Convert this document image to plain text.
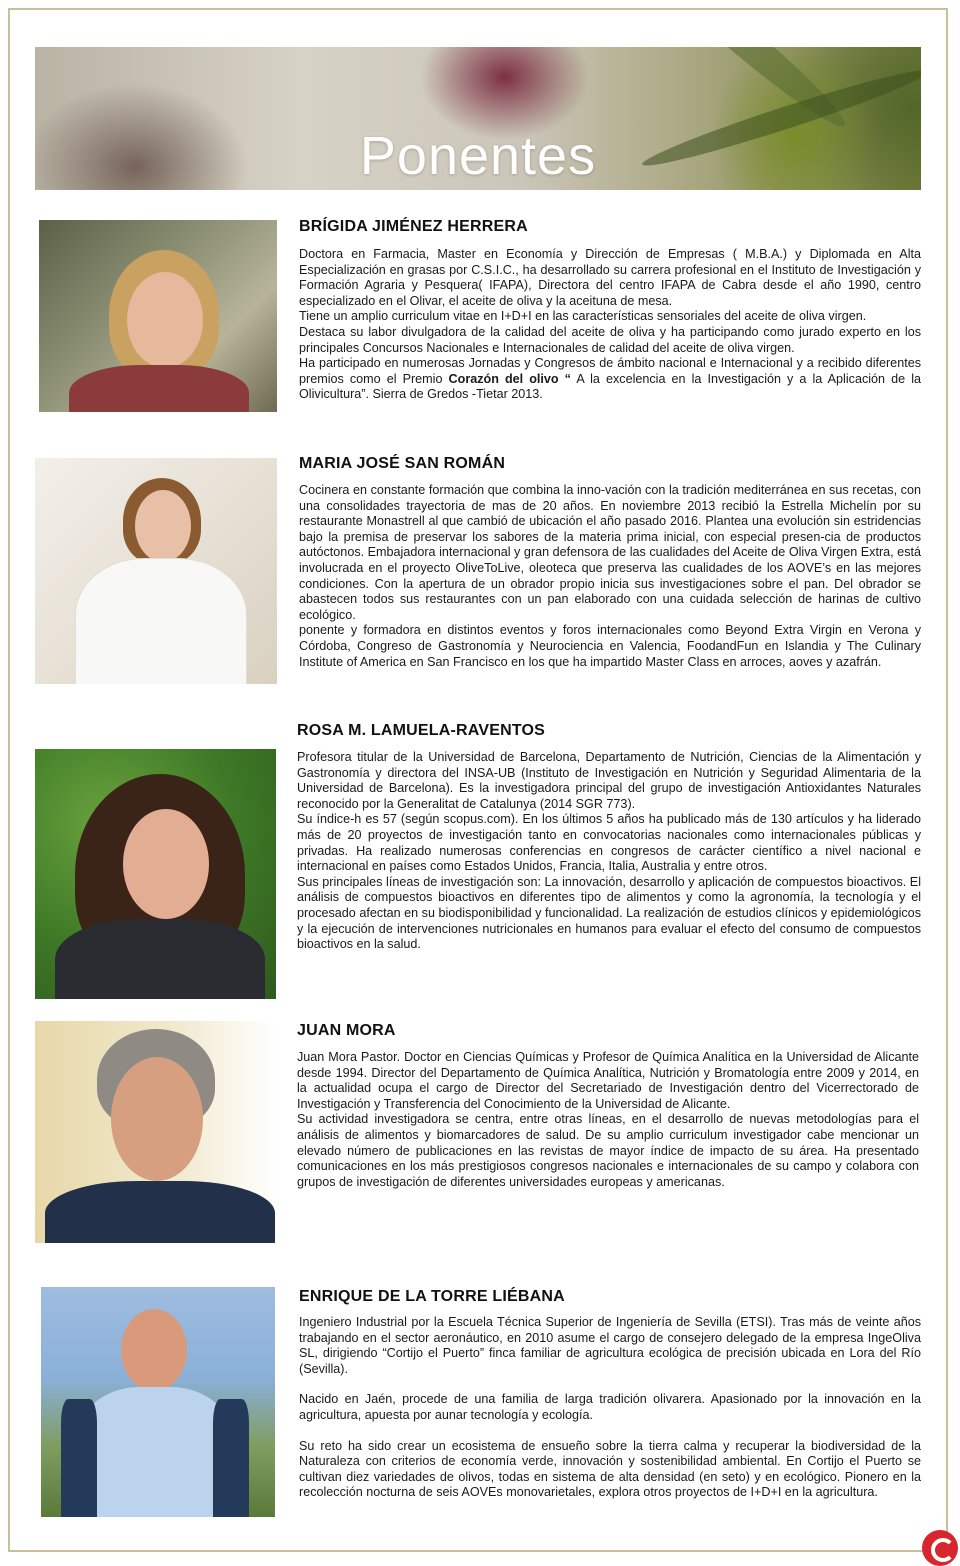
Ponentes
BRÍGIDA JIMÉNEZ HERRERA

Doctora en Farmacia, Master en Economía y Dirección de Empresas ( M.B.A.) y Diplomada en Alta Especialización en grasas por C.S.I.C., ha desarrollado su carrera profesional en el Instituto de Investigación y Formación Agraria y Pesquera( IFAPA), Directora del centro IFAPA de Cabra desde el año 1990, centro especializado en el Olivar, el aceite de oliva y la aceituna de mesa.

Tiene un amplio curriculum vitae en I+D+I en las características sensoriales del aceite de oliva virgen.

Destaca su labor divulgadora de la calidad del aceite de oliva y ha participando como jurado experto en los principales Concursos Nacionales e Internacionales de calidad del aceite de oliva virgen.

Ha participado en numerosas Jornadas y Congresos de ámbito nacional e Internacional y a recibido diferentes premios como el Premio Corazón del olivo “ A la excelencia en la Investigación y a la Aplicación de la Olivicultura”. Sierra de Gredos -Tietar 2013.

MARIA JOSÉ SAN ROMÁN

Cocinera en constante formación que combina la inno-vación con la tradición mediterránea en sus recetas, con una consolidades trayectoria de mas de 20 años. En noviembre 2013 recibió la Estrella Michelín por su restaurante Monastrell al que cambió de ubicación el año pasado 2016. Plantea una evolución sin estridencias bajo la premisa de preservar los sabores de la materia prima inicial, con especial presen-cia de productos autóctonos. Embajadora internacional y gran defensora de las cualidades del Aceite de Oliva Virgen Extra, está involucrada en el proyecto OliveToLive, oleoteca que preserva las cualidades de los AOVE’s en las mejores condiciones. Con la apertura de un obrador propio inicia sus investigaciones sobre el pan. Del obrador se abastecen todos sus restaurantes con un pan elaborado con una cuidada selección de harinas de cultivo ecológico.

ponente y formadora en distintos eventos y foros internacionales como Beyond Extra Virgin en Verona y Córdoba, Congreso de Gastronomía y Neurociencia en Valencia, FoodandFun en Islandia y The Culinary Institute of America en San Francisco en los que ha impartido Master Class en arroces, aoves y azafrán.

ROSA M. LAMUELA-RAVENTOS

Profesora titular de la Universidad de Barcelona, Departamento de Nutrición, Ciencias de la Alimentación y Gastronomía y directora del INSA-UB (Instituto de Investigación en Nutrición y Seguridad Alimentaria de la Universidad de Barcelona). Es la investigadora principal del grupo de investigación Antioxidantes Naturales reconocido por la Generalitat de Catalunya (2014 SGR 773).

Su índice-h es 57 (según scopus.com). En los últimos 5 años ha publicado más de 130 artículos y ha liderado más de 20 proyectos de investigación tanto en convocatorias nacionales como internacionales públicas y privadas. Ha realizado numerosas conferencias en congresos de carácter científico a nivel nacional e internacional en países como Estados Unidos, Francia, Italia, Australia y entre otros.

Sus principales líneas de investigación son: La innovación, desarrollo y aplicación de compuestos bioactivos. El análisis de compuestos bioactivos en diferentes tipo de alimentos y como la agronomía, la tecnología y el procesado afectan en su biodisponibilidad y funcionalidad. La realización de estudios clínicos y epidemiológicos y la ejecución de intervenciones nutricionales en humanos para evaluar el efecto del consumo de compuestos bioactivos en la salud.

JUAN MORA

Juan Mora Pastor. Doctor en Ciencias Químicas y Profesor de Química Analítica en la Universidad de Alicante desde 1994. Director del Departamento de Química Analítica, Nutrición y Bromatología entre 2009 y 2014, en la actualidad ocupa el cargo de Director del Secretariado de Investigación dentro del Vicerrectorado de Investigación y Transferencia del Conocimiento de la Universidad de Alicante.

Su actividad investigadora se centra, entre otras líneas, en el desarrollo de nuevas metodologías para el análisis de alimentos y biomarcadores de salud. De su amplio curriculum investigador cabe mencionar un elevado número de publicaciones en las revistas de mayor índice de impacto de su área. Ha presentado comunicaciones en los más prestigiosos congresos nacionales e internacionales de su campo y colabora con grupos de investigación de diferentes universidades europeas y americanas.

ENRIQUE DE LA TORRE LIÉBANA

Ingeniero Industrial por la Escuela Técnica Superior de Ingeniería de Sevilla (ETSI). Tras más de veinte años trabajando en el sector aeronáutico, en 2010 asume el cargo de consejero delegado de la empresa IngeOliva SL, dirigiendo “Cortijo el Puerto” finca familiar de agricultura ecológica de precisión ubicada en Lora del Río (Sevilla).

Nacido en Jaén, procede de una familia de larga tradición olivarera. Apasionado por la innovación en la agricultura, apuesta por aunar tecnología y ecología.

Su reto ha sido crear un ecosistema de ensueño sobre la tierra calma y recuperar la biodiversidad de la Naturaleza con criterios de economía verde, innovación y sostenibilidad ambiental. En Cortijo el Puerto se cultivan diez variedades de olivos, todas en sistema de alta densidad (en seto) y en ecológico. Pionero en la recolección nocturna de seis AOVEs monovarietales, explora otros proyectos de I+D+I en la agricultura.
